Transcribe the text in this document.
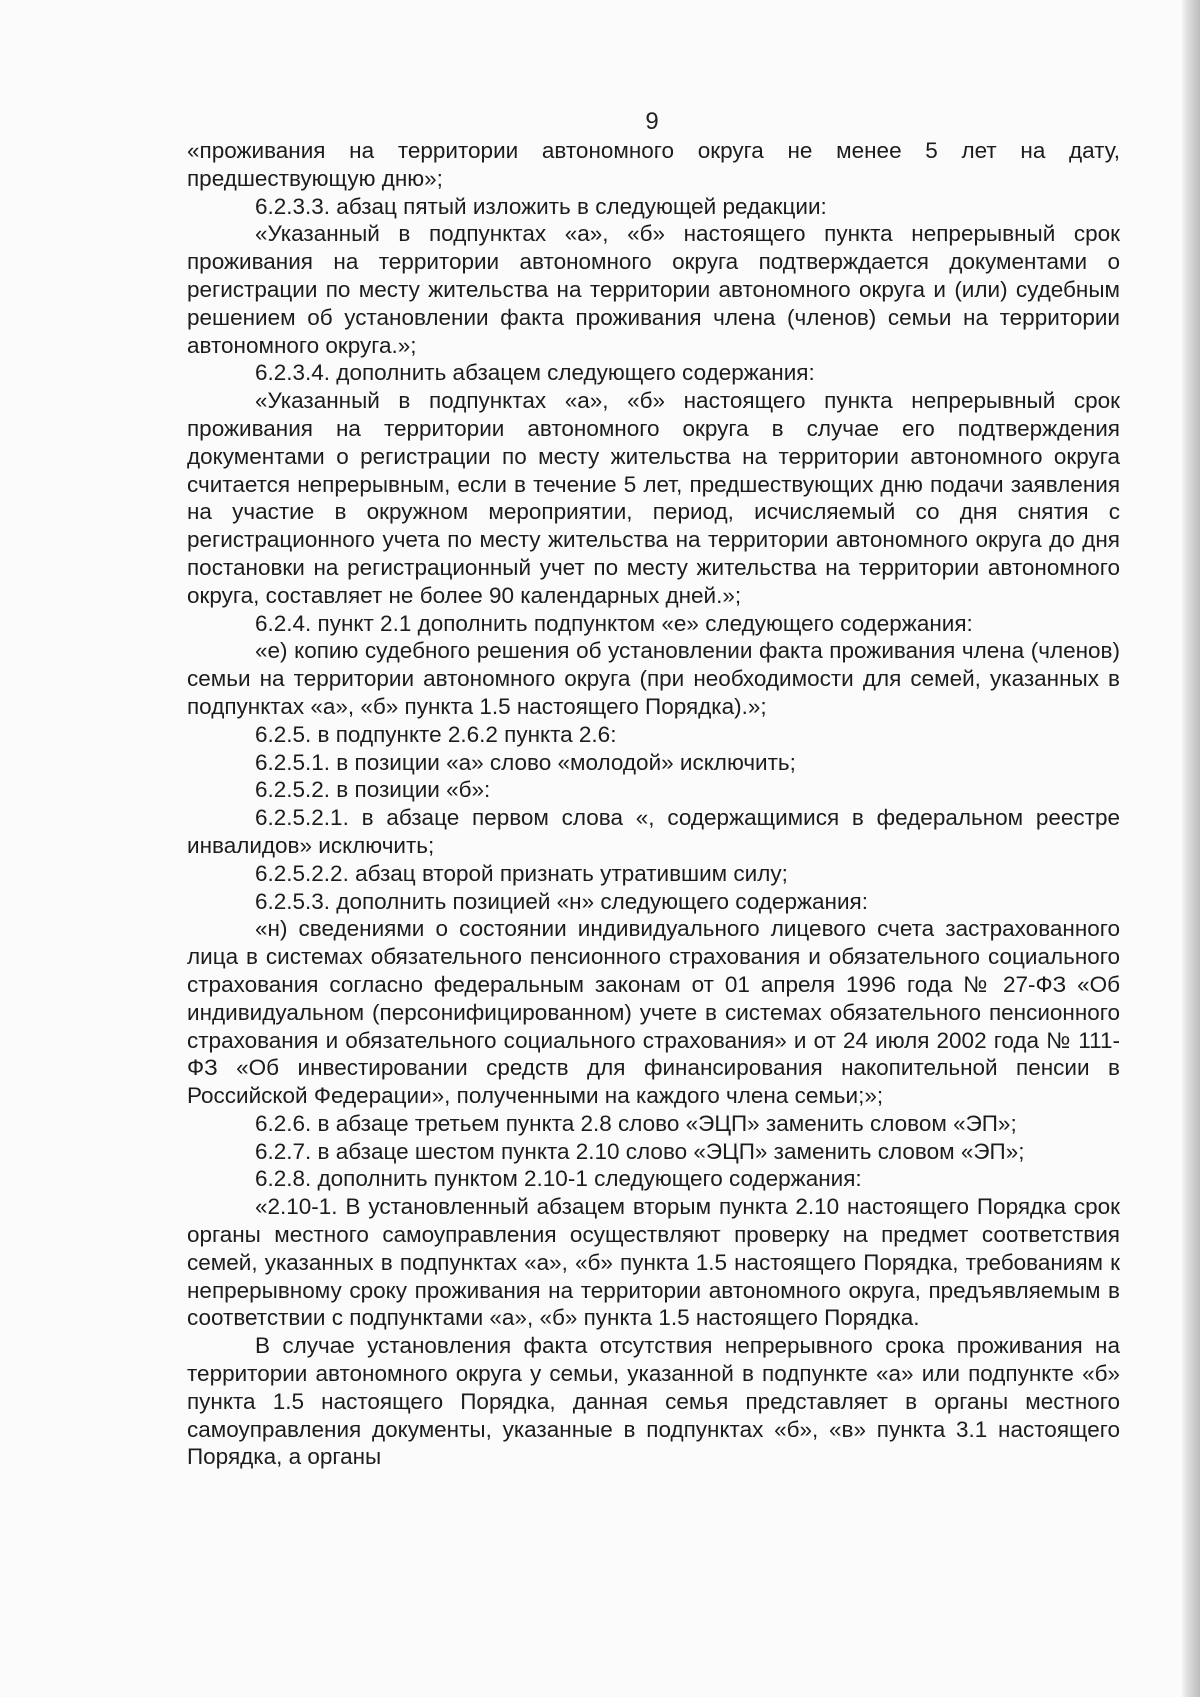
9

«проживания на территории автономного округа не менее 5 лет на дату, предшествующую дню»;

6.2.3.3. абзац пятый изложить в следующей редакции:

«Указанный в подпунктах «а», «б» настоящего пункта непрерывный срок проживания на территории автономного округа подтверждается документами о регистрации по месту жительства на территории автономного округа и (или) судебным решением об установлении факта проживания члена (членов) семьи на территории автономного округа.»;

6.2.3.4. дополнить абзацем следующего содержания:

«Указанный в подпунктах «а», «б» настоящего пункта непрерывный срок проживания на территории автономного округа в случае его подтверждения документами о регистрации по месту жительства на территории автономного округа считается непрерывным, если в течение 5 лет, предшествующих дню подачи заявления на участие в окружном мероприятии, период, исчисляемый со дня снятия с регистрационного учета по месту жительства на территории автономного округа до дня постановки на регистрационный учет по месту жительства на территории автономного округа, составляет не более 90 календарных дней.»;

6.2.4. пункт 2.1 дополнить подпунктом «е» следующего содержания:

«е) копию судебного решения об установлении факта проживания члена (членов) семьи на территории автономного округа (при необходимости для семей, указанных в подпунктах «а», «б» пункта 1.5 настоящего Порядка).»;

6.2.5. в подпункте 2.6.2 пункта 2.6:

6.2.5.1. в позиции «а» слово «молодой» исключить;

6.2.5.2. в позиции «б»:

6.2.5.2.1. в абзаце первом слова «, содержащимися в федеральном реестре инвалидов» исключить;

6.2.5.2.2. абзац второй признать утратившим силу;

6.2.5.3. дополнить позицией «н» следующего содержания:

«н) сведениями о состоянии индивидуального лицевого счета застрахованного лица в системах обязательного пенсионного страхования и обязательного социального страхования согласно федеральным законам от 01 апреля 1996 года № 27-ФЗ «Об индивидуальном (персонифицированном) учете в системах обязательного пенсионного страхования и обязательного социального страхования» и от 24 июля 2002 года № 111-ФЗ «Об инвестировании средств для финансирования накопительной пенсии в Российской Федерации», полученными на каждого члена семьи;»;

6.2.6. в абзаце третьем пункта 2.8 слово «ЭЦП» заменить словом «ЭП»;

6.2.7. в абзаце шестом пункта 2.10 слово «ЭЦП» заменить словом «ЭП»;

6.2.8. дополнить пунктом 2.10-1 следующего содержания:

«2.10-1. В установленный абзацем вторым пункта 2.10 настоящего Порядка срок органы местного самоуправления осуществляют проверку на предмет соответствия семей, указанных в подпунктах «а», «б» пункта 1.5 настоящего Порядка, требованиям к непрерывному сроку проживания на территории автономного округа, предъявляемым в соответствии с подпунктами «а», «б» пункта 1.5 настоящего Порядка.

В случае установления факта отсутствия непрерывного срока проживания на территории автономного округа у семьи, указанной в подпункте «а» или подпункте «б» пункта 1.5 настоящего Порядка, данная семья представляет в органы местного самоуправления документы, указанные в подпунктах «б», «в» пункта 3.1 настоящего Порядка, а органы
